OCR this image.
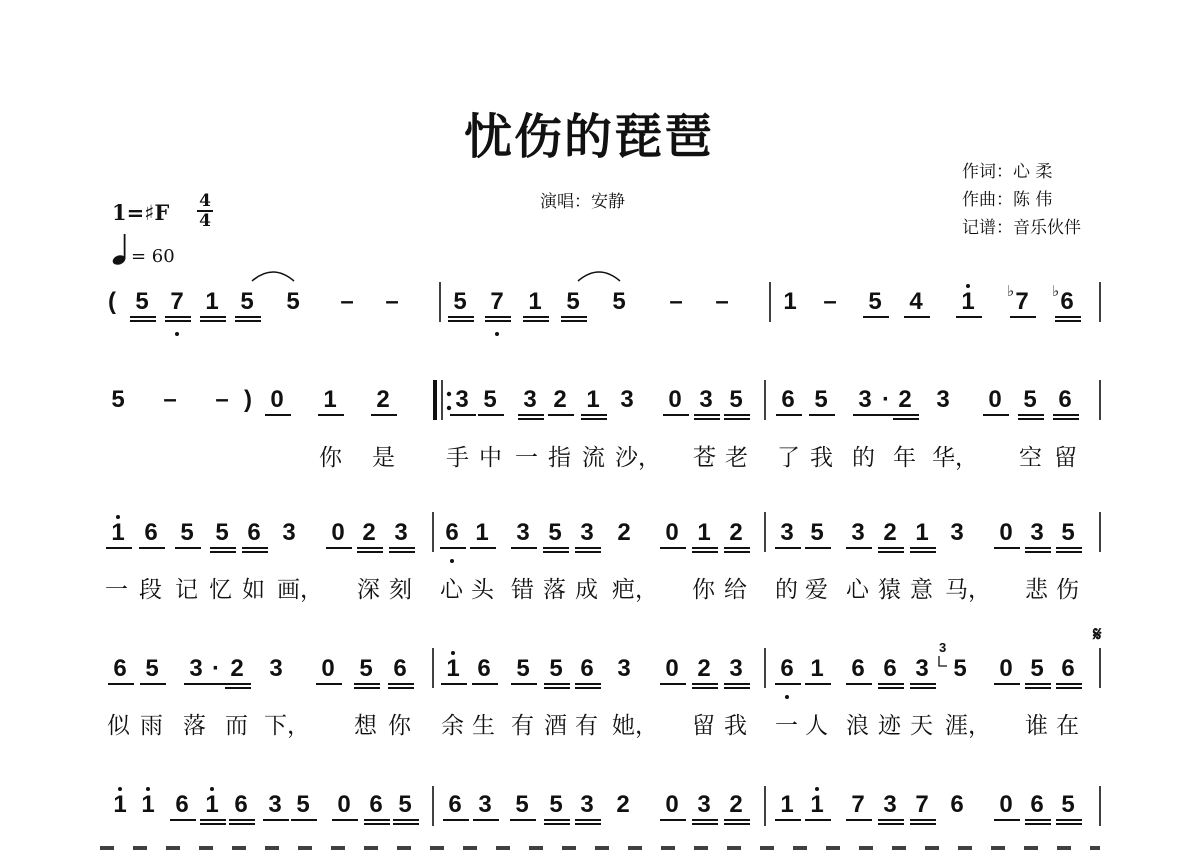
忧伤的琵琶
演唱：安静
作词：心 柔
作曲：陈 伟
记谱：音乐伙伴
1=♯F 4
4
= 60
( 5 7 1 5 5 – – 5 7 1 5 5 – – 1 – 5 4 1 7
♭ 6
♭
5 – – ) 0 1 2	3 5 3 2 1 3 0 3 5 6 5 3 · 2 3 0 5 6
你 是 手 中 一 指 流 沙， 苍 老 了 我 的 年 华， 空 留
1 6 5 5 6 3 0 2 3 6 1 3 5 3 2 0 1 2 3 5 3 2 1 3 0 3 5
一 段 记 忆 如 画， 深 刻 心 头 错 落 成 疤， 你 给 的 爱 心 猿 意 马， 悲 伤
6 5 3 · 2 3 0 5 6 1 6 5 5 6 3 0 2 3 6 1 6 6 3 5 0 5 6
似 雨 落 而 下， 想 你 余 生 有 酒 有 她， 留 我 一 人 浪 迹 天 涯， 谁 在
1 1 6 1 6 3 5 0 6 5 6 3 5 5 3 2 0 3 2 1 1 7 3 7 6 0 6 5
3
𝄋
